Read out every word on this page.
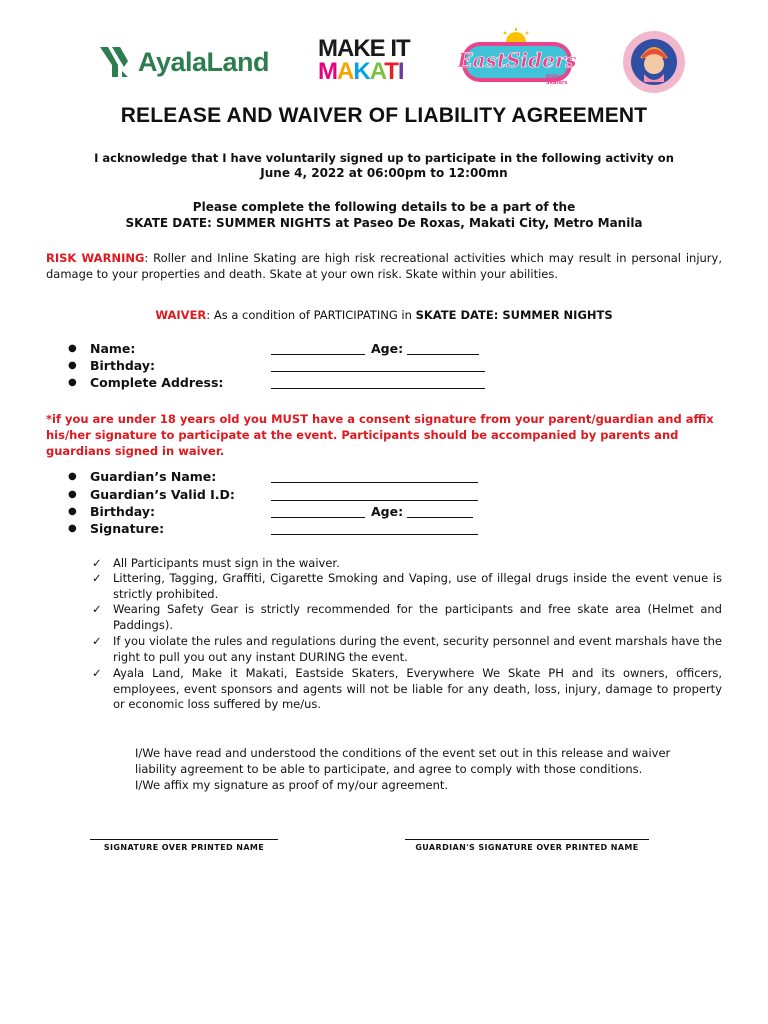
AyalaLand MAKE IT
MAKATI	EastSiders
Roller
Skaters
RELEASE AND WAIVER OF LIABILITY AGREEMENT
I acknowledge that I have voluntarily signed up to participate in the following activity on
June 4, 2022 at 06:00pm to 12:00mn
Please complete the following details to be a part of the
SKATE DATE: SUMMER NIGHTS at Paseo De Roxas, Makati City, Metro Manila
RISK WARNING: Roller and Inline Skating are high risk recreational activities which may result in personal injury, damage to your properties and death. Skate at your own risk. Skate within your abilities.
WAIVER: As a condition of PARTICIPATING in SKATE DATE: SUMMER NIGHTS
●	Name:	Age:
●	Birthday:
●	Complete Address:
*if you are under 18 years old you MUST have a consent signature from your parent/guardian and affix his/her signature to participate at the event. Participants should be accompanied by parents and guardians signed in waiver.
●	Guardian’s Name:
●	Guardian’s Valid I.D:
●	Birthday:	Age:
●	Signature:
✓ All Participants must sign in the waiver.
✓ Littering, Tagging, Graffiti, Cigarette Smoking and Vaping, use of illegal drugs inside the event venue is strictly prohibited.
✓ Wearing Safety Gear is strictly recommended for the participants and free skate area (Helmet and Paddings).
✓ If you violate the rules and regulations during the event, security personnel and event marshals have the right to pull you out any instant DURING the event.
✓ Ayala Land, Make it Makati, Eastside Skaters, Everywhere We Skate PH and its owners, officers, employees, event sponsors and agents will not be liable for any death, loss, injury, damage to property or economic loss suffered by me/us.
I/We have read and understood the conditions of the event set out in this release and waiver
liability agreement to be able to participate, and agree to comply with those conditions.
I/We affix my signature as proof of my/our agreement.
SIGNATURE OVER PRINTED NAME	GUARDIAN'S SIGNATURE OVER PRINTED NAME
